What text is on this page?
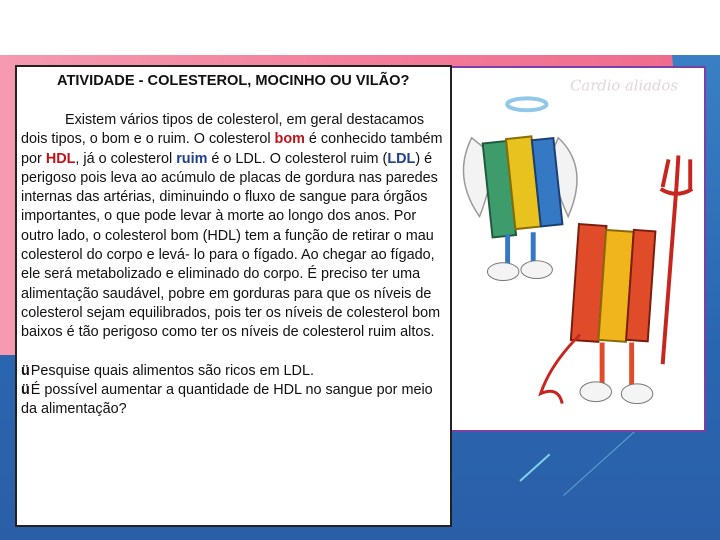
Cardio aliados

ATIVIDADE - COLESTEROL, MOCINHO OU VILÃO?

Existem vários tipos de colesterol, em geral destacamos dois tipos, o bom e o ruim. O colesterol bom é conhecido também por HDL, já o colesterol ruim é o LDL. O colesterol ruim (LDL) é perigoso pois leva ao acúmulo de placas de gordura nas paredes internas das artérias, diminuindo o fluxo de sangue para órgãos importantes, o que pode levar à morte ao longo dos anos. Por outro lado, o colesterol bom (HDL) tem a função de retirar o mau colesterol do corpo e levá- lo para o fígado. Ao chegar ao fígado, ele será metabolizado e eliminado do corpo. É preciso ter uma alimentação saudável, pobre em gorduras para que os níveis de colesterol sejam equilibrados, pois ter os níveis de colesterol bom baixos é tão perigoso como ter os níveis de colesterol ruim altos.

üPesquise quais alimentos são ricos em LDL.
üÉ possível aumentar a quantidade de HDL no sangue por meio da alimentação?
